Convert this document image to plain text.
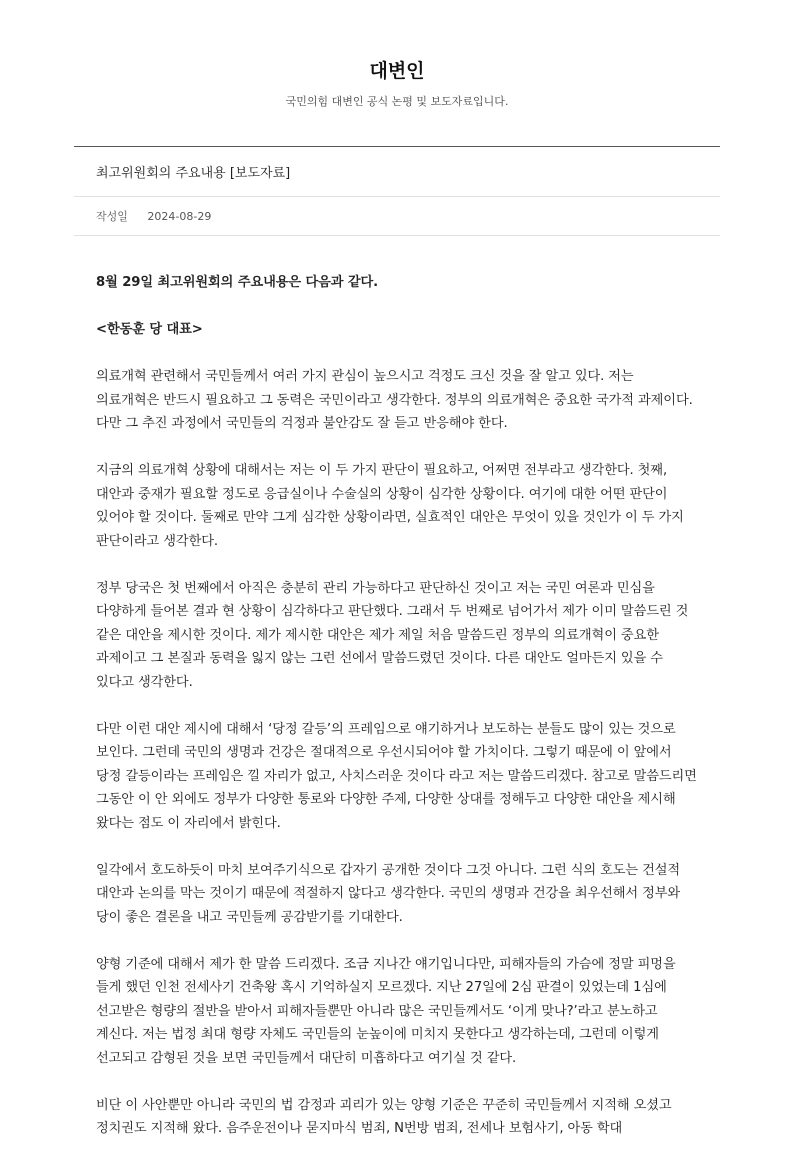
대변인
국민의힘 대변인 공식 논평 및 보도자료입니다.
최고위원회의 주요내용 [보도자료]
작성일 2024-08-29

8월 29일 최고위원회의 주요내용은 다음과 같다.

<한동훈 당 대표>

의료개혁 관련해서 국민들께서 여러 가지 관심이 높으시고 걱정도 크신 것을 잘 알고 있다. 저는 의료개혁은 반드시 필요하고 그 동력은 국민이라고 생각한다. 정부의 의료개혁은 중요한 국가적 과제이다. 다만 그 추진 과정에서 국민들의 걱정과 불안감도 잘 듣고 반응해야 한다.

지금의 의료개혁 상황에 대해서는 저는 이 두 가지 판단이 필요하고, 어쩌면 전부라고 생각한다. 첫째, 대안과 중재가 필요할 정도로 응급실이나 수술실의 상황이 심각한 상황이다. 여기에 대한 어떤 판단이 있어야 할 것이다. 둘째로 만약 그게 심각한 상황이라면, 실효적인 대안은 무엇이 있을 것인가 이 두 가지 판단이라고 생각한다.

정부 당국은 첫 번째에서 아직은 충분히 관리 가능하다고 판단하신 것이고 저는 국민 여론과 민심을 다양하게 들어본 결과 현 상황이 심각하다고 판단했다. 그래서 두 번째로 넘어가서 제가 이미 말씀드린 것 같은 대안을 제시한 것이다. 제가 제시한 대안은 제가 제일 처음 말씀드린 정부의 의료개혁이 중요한 과제이고 그 본질과 동력을 잃지 않는 그런 선에서 말씀드렸던 것이다. 다른 대안도 얼마든지 있을 수 있다고 생각한다.

다만 이런 대안 제시에 대해서 ‘당정 갈등’의 프레임으로 얘기하거나 보도하는 분들도 많이 있는 것으로 보인다. 그런데 국민의 생명과 건강은 절대적으로 우선시되어야 할 가치이다. 그렇기 때문에 이 앞에서 당정 갈등이라는 프레임은 낄 자리가 없고, 사치스러운 것이다 라고 저는 말씀드리겠다. 참고로 말씀드리면 그동안 이 안 외에도 정부가 다양한 통로와 다양한 주제, 다양한 상대를 정해두고 다양한 대안을 제시해 왔다는 점도 이 자리에서 밝힌다.

일각에서 호도하듯이 마치 보여주기식으로 갑자기 공개한 것이다 그것 아니다. 그런 식의 호도는 건설적 대안과 논의를 막는 것이기 때문에 적절하지 않다고 생각한다. 국민의 생명과 건강을 최우선해서 정부와 당이 좋은 결론을 내고 국민들께 공감받기를 기대한다.

양형 기준에 대해서 제가 한 말씀 드리겠다. 조금 지나간 얘기입니다만, 피해자들의 가슴에 정말 피멍을 들게 했던 인천 전세사기 건축왕 혹시 기억하실지 모르겠다. 지난 27일에 2심 판결이 있었는데 1심에 선고받은 형량의 절반을 받아서 피해자들뿐만 아니라 많은 국민들께서도 ‘이게 맞나?’라고 분노하고 계신다. 저는 법정 최대 형량 자체도 국민들의 눈높이에 미치지 못한다고 생각하는데, 그런데 이렇게 선고되고 감형된 것을 보면 국민들께서 대단히 미흡하다고 여기실 것 같다.

비단 이 사안뿐만 아니라 국민의 법 감정과 괴리가 있는 양형 기준은 꾸준히 국민들께서 지적해 오셨고 정치권도 지적해 왔다. 음주운전이나 묻지마식 범죄, N번방 범죄, 전세나 보험사기, 아동 학대
